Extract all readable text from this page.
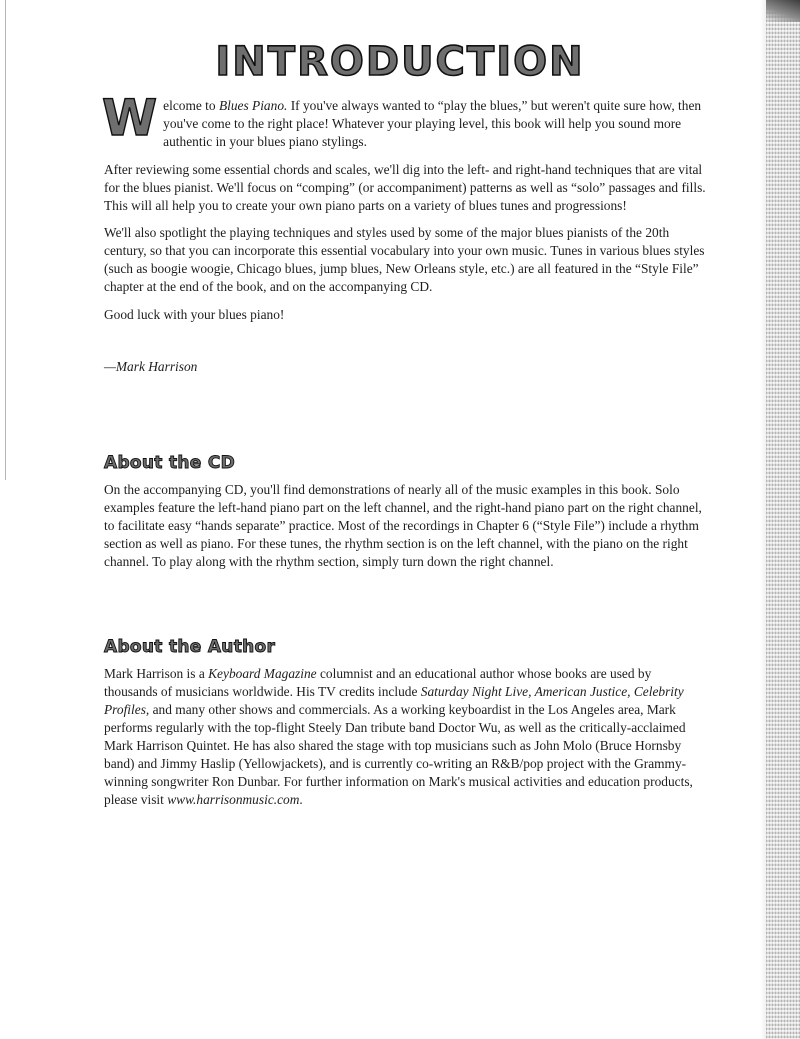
INTRODUCTION

Welcome to Blues Piano. If you've always wanted to “play the blues,” but weren't quite sure how, then you've come to the right place! Whatever your playing level, this book will help you sound more authentic in your blues piano stylings.

After reviewing some essential chords and scales, we'll dig into the left- and right-hand techniques that are vital for the blues pianist. We'll focus on “comping” (or accompaniment) patterns as well as “solo” passages and fills. This will all help you to create your own piano parts on a variety of blues tunes and progressions!

We'll also spotlight the playing techniques and styles used by some of the major blues pianists of the 20th century, so that you can incorporate this essential vocabulary into your own music. Tunes in various blues styles (such as boogie woogie, Chicago blues, jump blues, New Orleans style, etc.) are all featured in the “Style File” chapter at the end of the book, and on the accompanying CD.

Good luck with your blues piano!

—Mark Harrison

About the CD

On the accompanying CD, you'll find demonstrations of nearly all of the music examples in this book. Solo examples feature the left-hand piano part on the left channel, and the right-hand piano part on the right channel, to facilitate easy “hands separate” practice. Most of the recordings in Chapter 6 (“Style File”) include a rhythm section as well as piano. For these tunes, the rhythm section is on the left channel, with the piano on the right channel. To play along with the rhythm section, simply turn down the right channel.

About the Author

Mark Harrison is a Keyboard Magazine columnist and an educational author whose books are used by thousands of musicians worldwide. His TV credits include Saturday Night Live, American Justice, Celebrity Profiles, and many other shows and commercials. As a working keyboardist in the Los Angeles area, Mark performs regularly with the top-flight Steely Dan tribute band Doctor Wu, as well as the critically-acclaimed Mark Harrison Quintet. He has also shared the stage with top musicians such as John Molo (Bruce Hornsby band) and Jimmy Haslip (Yellowjackets), and is currently co-writing an R&B/pop project with the Grammy-winning songwriter Ron Dunbar. For further information on Mark's musical activities and education products, please visit www.harrisonmusic.com.
